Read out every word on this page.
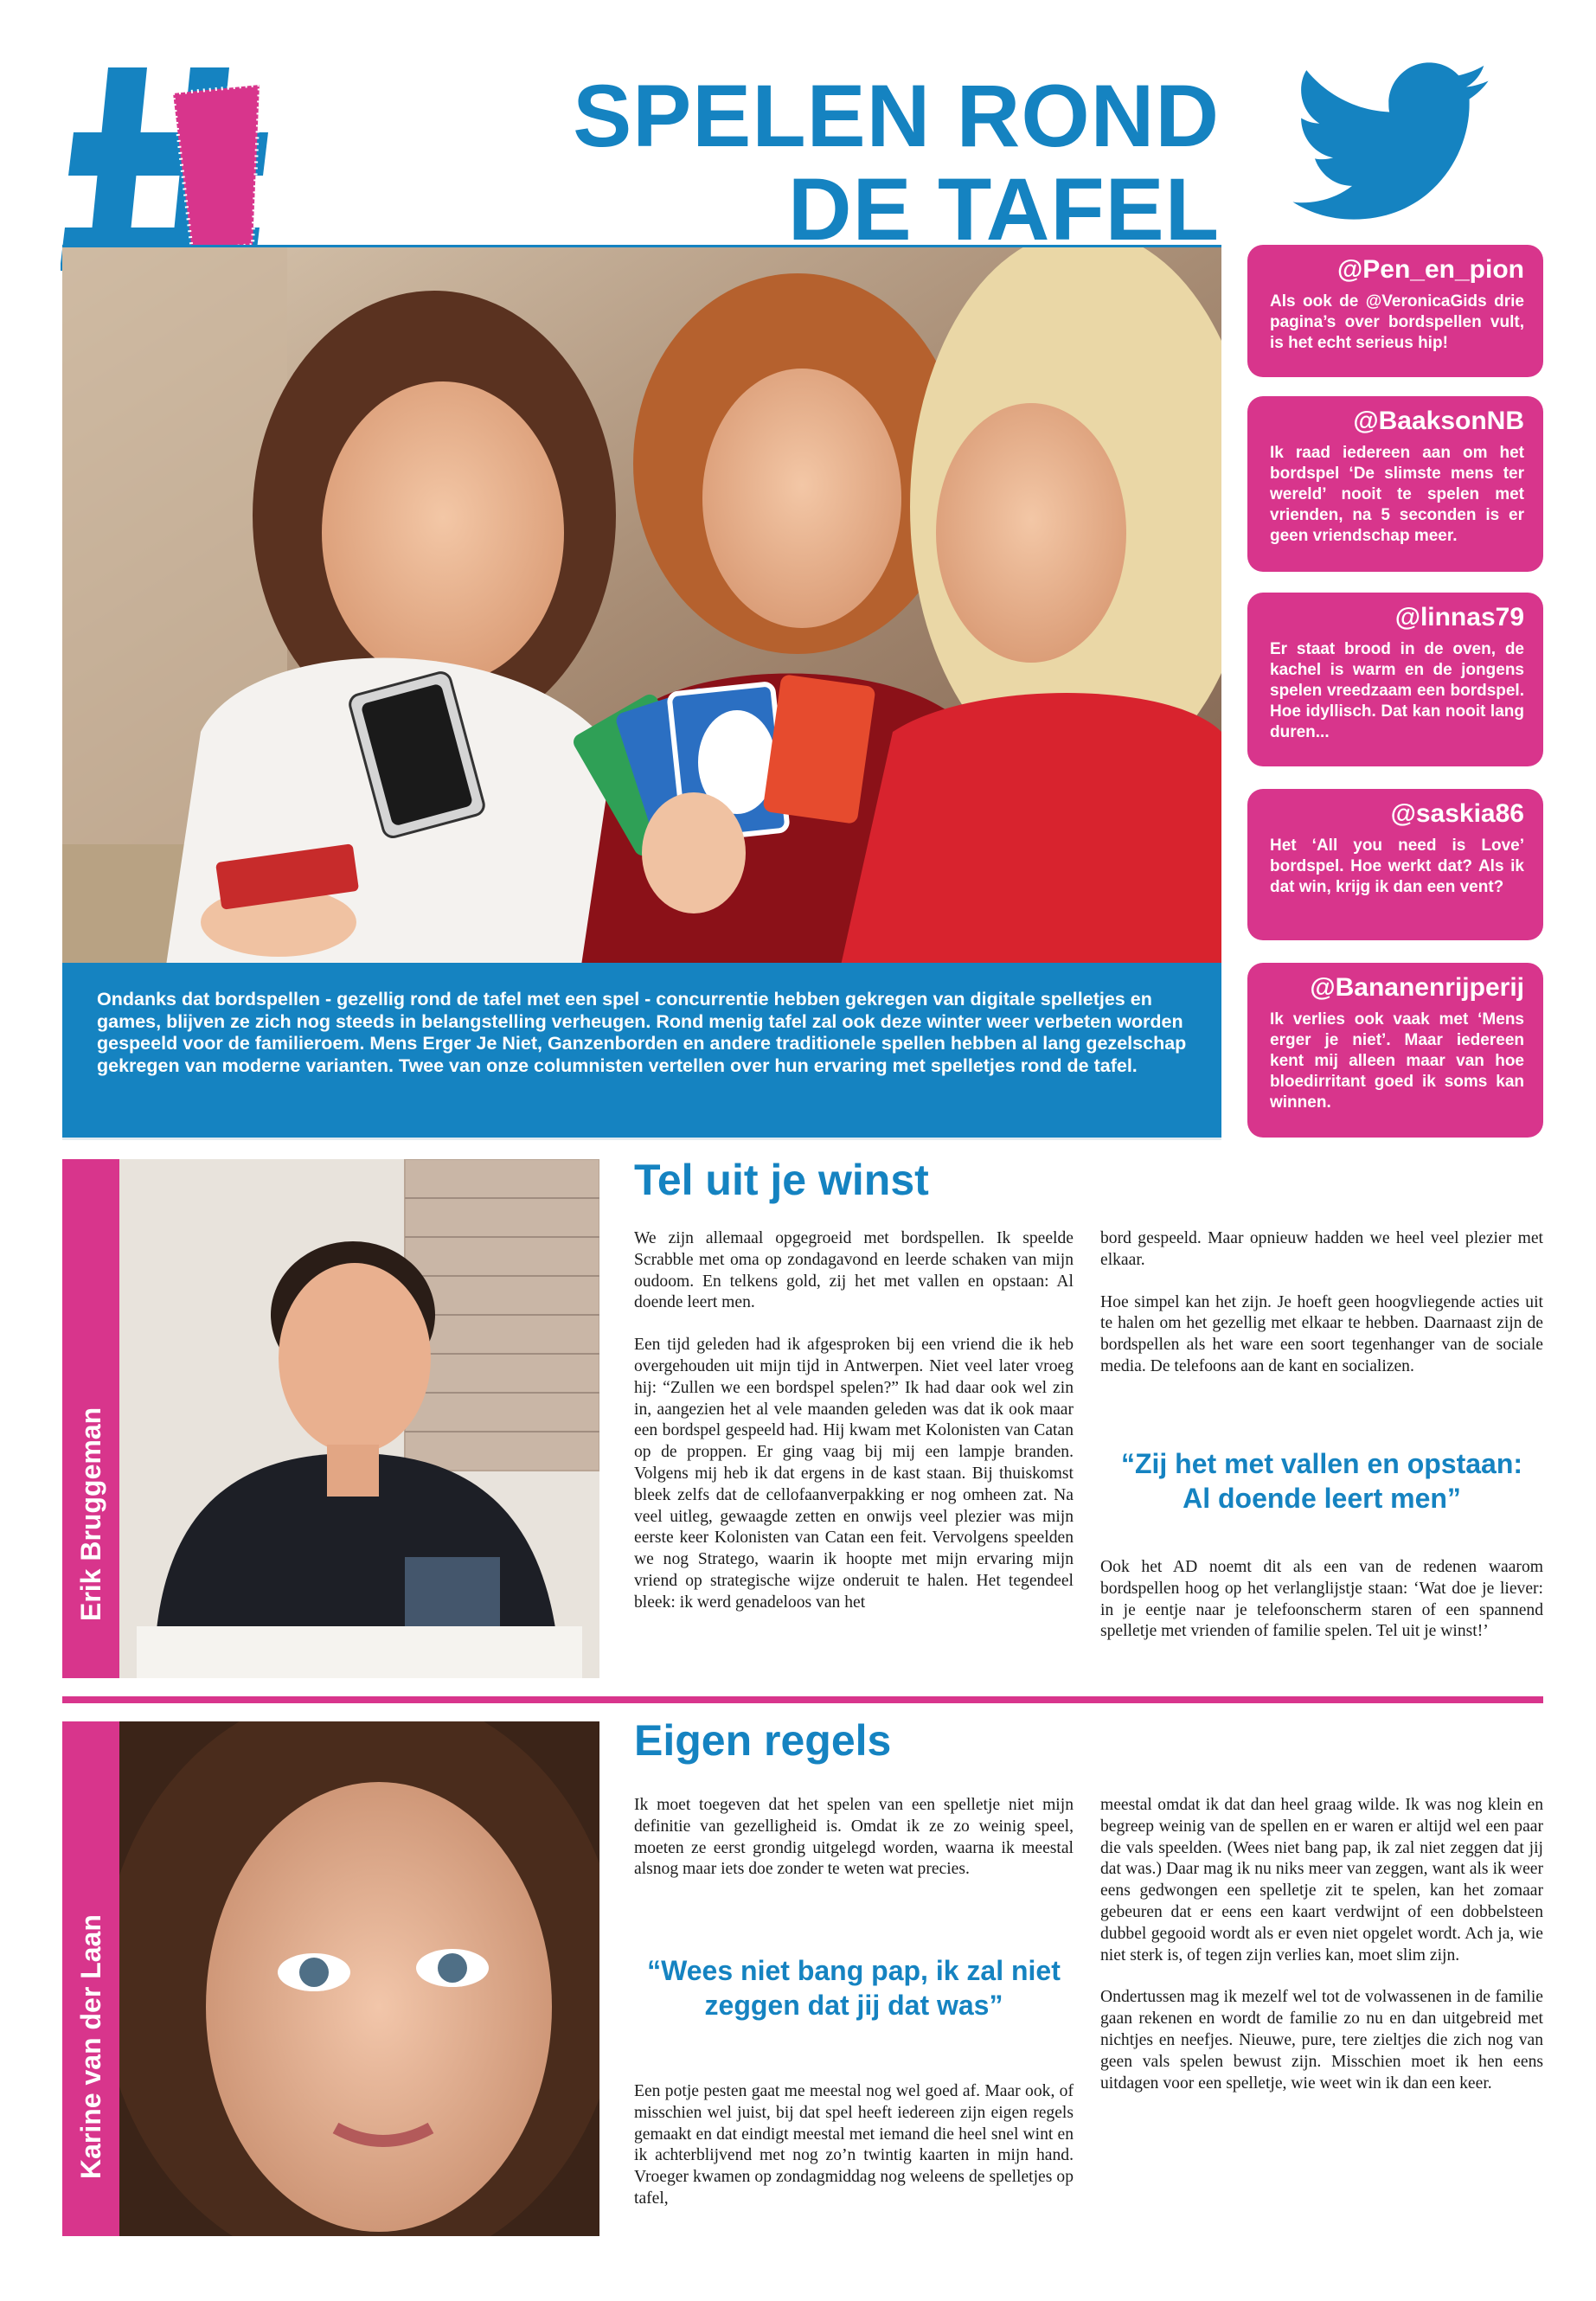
SPELEN ROND
DE TAFEL
Ondanks dat bordspellen - gezellig rond de tafel met een spel - concurrentie hebben gekregen van digitale spelletjes en games, blijven ze zich nog steeds in belangstelling verheugen. Rond menig tafel zal ook deze winter weer verbeten worden gespeeld voor de familieroem. Mens Erger Je Niet, Ganzenborden en andere traditionele spellen hebben al lang gezelschap gekregen van moderne varianten. Twee van onze columnisten vertellen over hun ervaring met spelletjes rond de tafel.
@Pen_en_pion
Als ook de @VeronicaGids drie pagina’s over bordspellen vult, is het echt serieus hip!
@BaaksonNB
Ik raad iedereen aan om het bordspel ‘De slimste mens ter wereld’ nooit te spelen met vrienden, na 5 seconden is er geen vriendschap meer.
@linnas79
Er staat brood in de oven, de kachel is warm en de jongens spelen vreedzaam een bordspel. Hoe idyllisch. Dat kan nooit lang duren...
@saskia86
Het ‘All you need is Love’ bordspel. Hoe werkt dat? Als ik dat win, krijg ik dan een vent?
@Bananenrijperij
Ik verlies ook vaak met ‘Mens erger je niet’. Maar iedereen kent mij alleen maar van hoe bloedirritant goed ik soms kan winnen.
Erik Bruggeman
Tel uit je winst

We zijn allemaal opgegroeid met bordspellen. Ik speelde Scrabble met oma op zondagavond en leerde schaken van mijn oudoom. En telkens gold, zij het met vallen en opstaan: Al doende leert men.

Een tijd geleden had ik afgesproken bij een vriend die ik heb overgehouden uit mijn tijd in Antwerpen. Niet veel later vroeg hij: “Zullen we een bordspel spelen?” Ik had daar ook wel zin in, aangezien het al vele maanden geleden was dat ik ook maar een bordspel gespeeld had. Hij kwam met Kolonisten van Catan op de proppen. Er ging vaag bij mij een lampje branden. Volgens mij heb ik dat ergens in de kast staan. Bij thuiskomst bleek zelfs dat de cellofaanverpakking er nog omheen zat. Na veel uitleg, gewaagde zetten en onwijs veel plezier was mijn eerste keer Kolonisten van Catan een feit. Vervolgens speelden we nog Stratego, waarin ik hoopte met mijn ervaring mijn vriend op strategische wijze onderuit te halen. Het tegendeel bleek: ik werd genadeloos van het

bord gespeeld. Maar opnieuw hadden we heel veel plezier met elkaar.

Hoe simpel kan het zijn. Je hoeft geen hoogvliegende acties uit te halen om het gezellig met elkaar te hebben. Daarnaast zijn de bordspellen als het ware een soort tegenhanger van de sociale media. De telefoons aan de kant en socializen.

“Zij het met vallen en opstaan:
Al doende leert men”

Ook het AD noemt dit als een van de redenen waarom bordspellen hoog op het verlanglijstje staan: ‘Wat doe je liever: in je eentje naar je telefoonscherm staren of een spannend spelletje met vrienden of familie spelen. Tel uit je winst!’

Karine van der Laan
Eigen regels

Ik moet toegeven dat het spelen van een spelletje niet mijn definitie van gezelligheid is. Omdat ik ze zo weinig speel, moeten ze eerst grondig uitgelegd worden, waarna ik meestal alsnog maar iets doe zonder te weten wat precies.

“Wees niet bang pap, ik zal niet
zeggen dat jij dat was”

Een potje pesten gaat me meestal nog wel goed af. Maar ook, of misschien wel juist, bij dat spel heeft iedereen zijn eigen regels gemaakt en dat eindigt meestal met iemand die heel snel wint en ik achterblijvend met nog zo’n twintig kaarten in mijn hand. Vroeger kwamen op zondagmiddag nog weleens de spelletjes op tafel,

meestal omdat ik dat dan heel graag wilde. Ik was nog klein en begreep weinig van de spellen en er waren er altijd wel een paar die vals speelden. (Wees niet bang pap, ik zal niet zeggen dat jij dat was.) Daar mag ik nu niks meer van zeggen, want als ik weer eens gedwongen een spelletje zit te spelen, kan het zomaar gebeuren dat er eens een kaart verdwijnt of een dobbelsteen dubbel gegooid wordt als er even niet opgelet wordt. Ach ja, wie niet sterk is, of tegen zijn verlies kan, moet slim zijn.

Ondertussen mag ik mezelf wel tot de volwassenen in de familie gaan rekenen en wordt de familie zo nu en dan uitgebreid met nichtjes en neefjes. Nieuwe, pure, tere zieltjes die zich nog van geen vals spelen bewust zijn. Misschien moet ik hen eens uitdagen voor een spelletje, wie weet win ik dan een keer.
